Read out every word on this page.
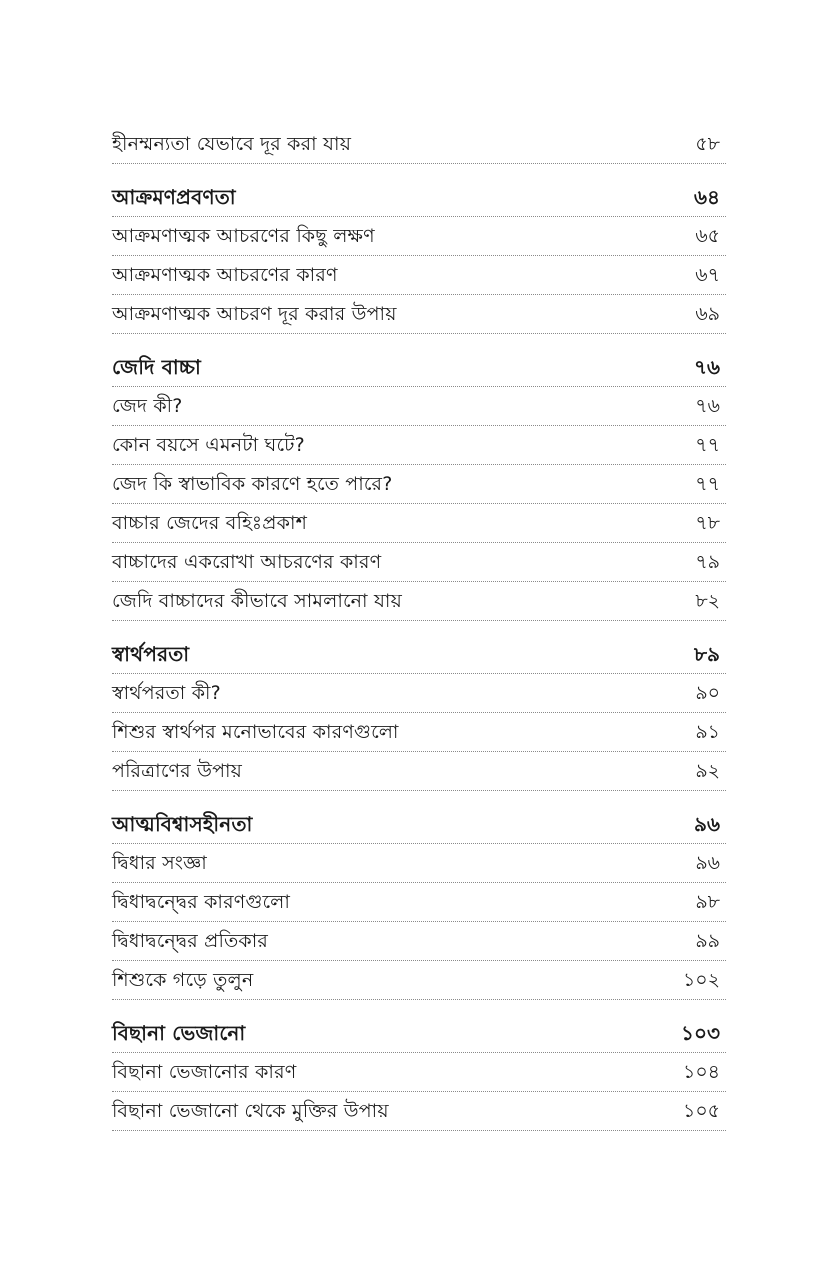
হীনম্মন্যতা যেভাবে দূর করা যায়	৫৮
আক্রমণপ্রবণতা	৬৪
আক্রমণাত্মক আচরণের কিছু লক্ষণ	৬৫
আক্রমণাত্মক আচরণের কারণ	৬৭
আক্রমণাত্মক আচরণ দূর করার উপায়	৬৯
জেদি বাচ্চা	৭৬
জেদ কী?	৭৬
কোন বয়সে এমনটা ঘটে?	৭৭
জেদ কি স্বাভাবিক কারণে হতে পারে?	৭৭
বাচ্চার জেদের বহিঃপ্রকাশ	৭৮
বাচ্চাদের একরোখা আচরণের কারণ	৭৯
জেদি বাচ্চাদের কীভাবে সামলানো যায়	৮২
স্বার্থপরতা	৮৯
স্বার্থপরতা কী?	৯০
শিশুর স্বার্থপর মনোভাবের কারণগুলো	৯১
পরিত্রাণের উপায়	৯২
আত্মবিশ্বাসহীনতা	৯৬
দ্বিধার সংজ্ঞা	৯৬
দ্বিধাদ্বন্দ্বের কারণগুলো	৯৮
দ্বিধাদ্বন্দ্বের প্রতিকার	৯৯
শিশুকে গড়ে তুলুন	১০২
বিছানা ভেজানো	১০৩
বিছানা ভেজানোর কারণ	১০৪
বিছানা ভেজানো থেকে মুক্তির উপায়	১০৫
